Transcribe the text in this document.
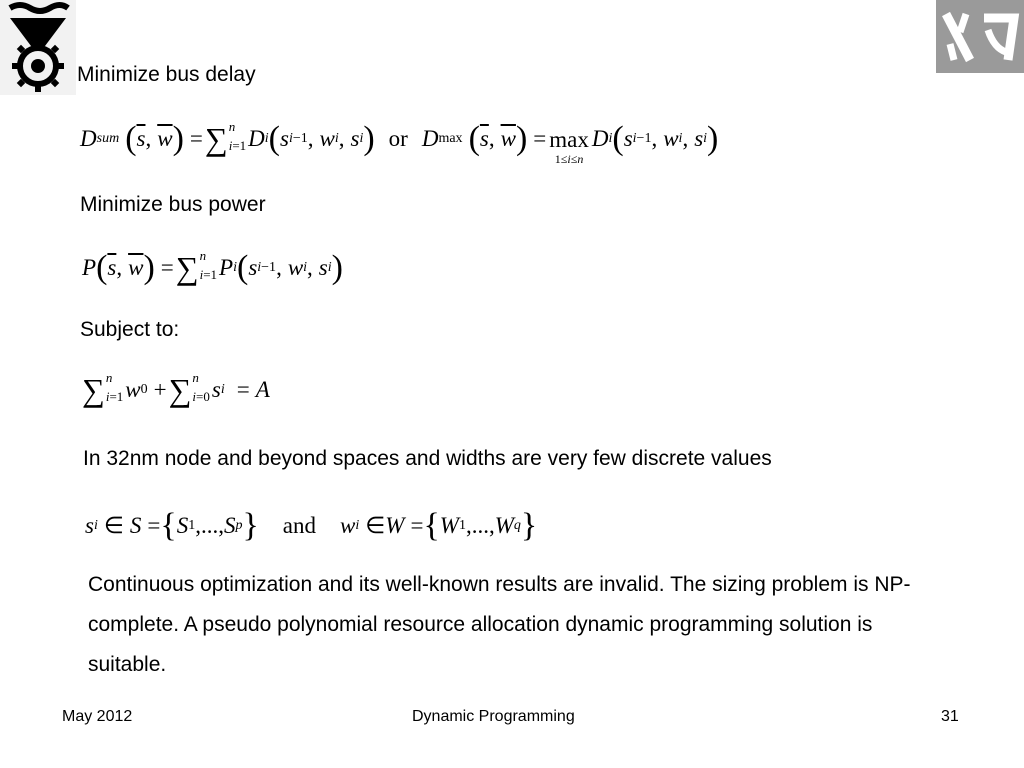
Minimize bus delay
D sum ( $\overline{s}$ , $\overline{w}$ ) = ∑ n
i=1 D i ( s i−1 , w i , s i ) or D max ( $\overline{s}$ , $\overline{w}$ ) = max
1≤i≤n
D i ( s i−1 , w i , s i )
Minimize bus power
P ( $\overline{s}$ , $\overline{w}$ ) = ∑ n
i=1 P i ( s i−1 , w i , s i )
Subject to:
∑ n
i=1 w 0 + ∑ n
i=0 s i = A
In 32nm node and beyond spaces and widths are very few discrete values
s i ∈ S = { S 1 ,..., S p } and w i ∈ W = { W 1 ,..., W q }
Continuous optimization and its well-known results are invalid. The sizing problem is NP-complete. A pseudo polynomial resource allocation dynamic programming solution is suitable.
May 2012	Dynamic Programming	31
